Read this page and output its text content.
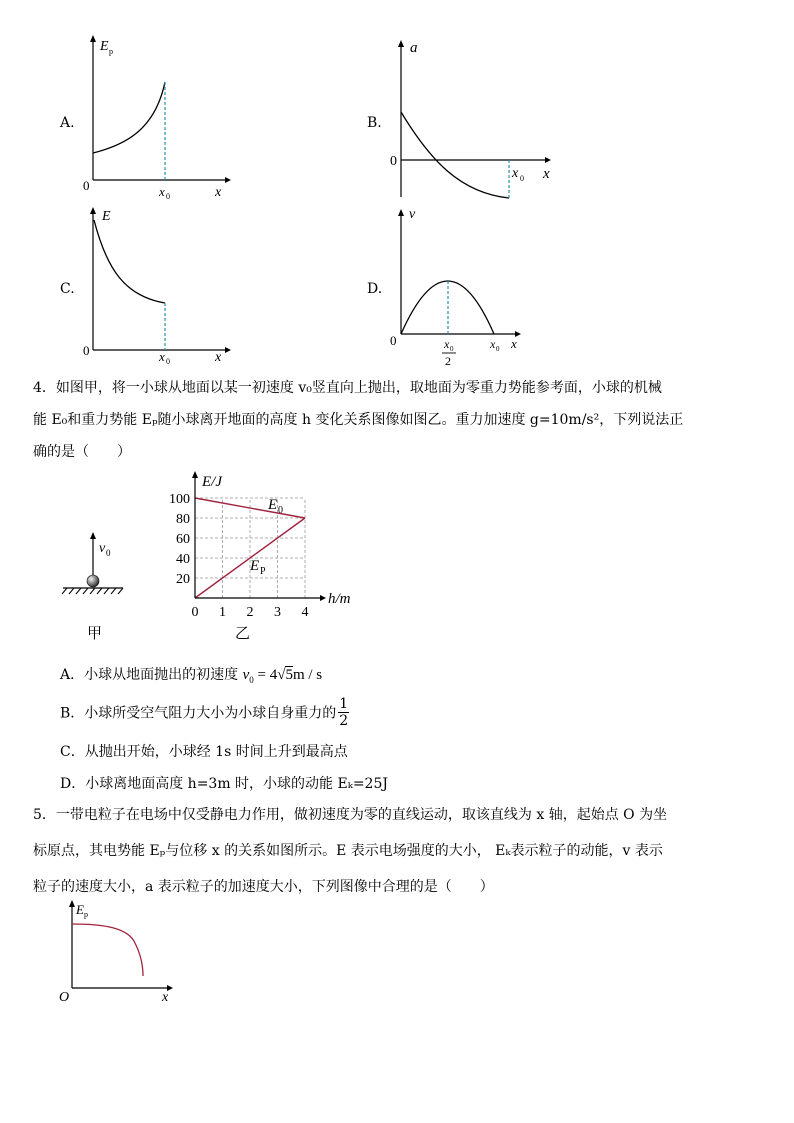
A.
E p
0	x 0	x
B.
a
0
x 0 x
C.
E
0	x 0	x
D.
v
0	x 0
2
x 0 x
4．如图甲，将一小球从地面以某一初速度 v₀竖直向上抛出，取地面为零重力势能参考面，小球的机械
能 E₀和重力势能 Eₚ随小球离开地面的高度 h 变化关系图像如图乙。重力加速度 g=10m/s²，下列说法正
确的是（　　）
v 0
甲
20
40
60
80
100
0 1 2 3 4
E/J
h/m
E 0
E P
乙
A．小球从地面抛出的初速度 $v_0 = 4√5m / s$
B．小球所受空气阻力大小为小球自身重力的 $\frac{1}{2}$
C．从抛出开始，小球经 1s 时间上升到最高点
D．小球离地面高度 h=3m 时，小球的动能 Eₖ=25J
5．一带电粒子在电场中仅受静电力作用，做初速度为零的直线运动，取该直线为 x 轴，起始点 O 为坐
标原点，其电势能 Eₚ与位移 x 的关系如图所示。E 表示电场强度的大小， Eₖ表示粒子的动能，v 表示
粒子的速度大小，a 表示粒子的加速度大小，下列图像中合理的是（　　）
E p
O	x
